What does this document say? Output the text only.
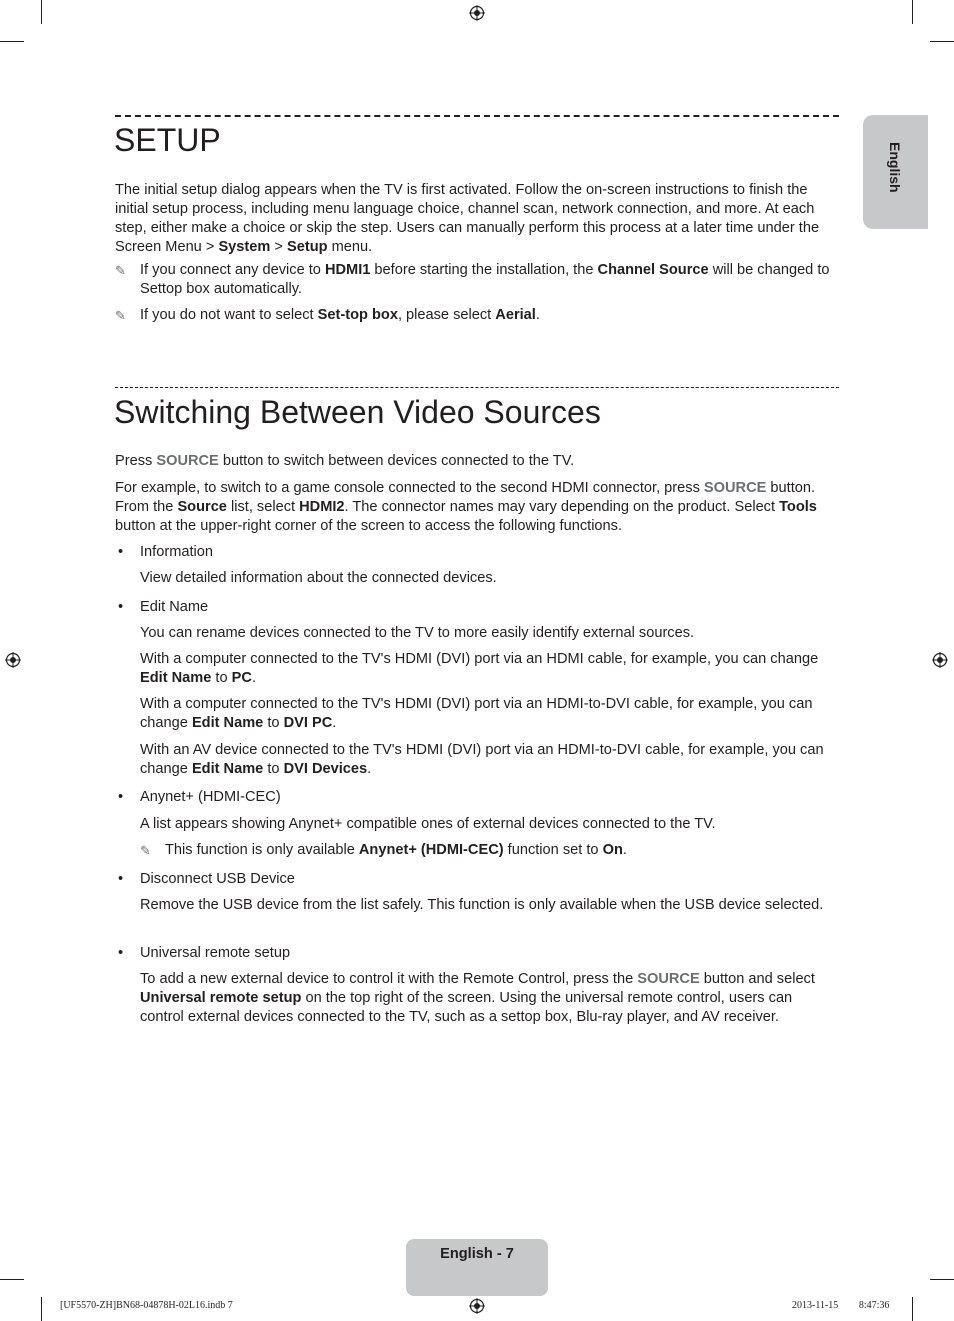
English
SETUP

The initial setup dialog appears when the TV is first activated. Follow the on-screen instructions to finish the initial setup process, including menu language choice, channel scan, network connection, and more. At each step, either make a choice or skip the step. Users can manually perform this process at a later time under the Screen Menu > System > Setup menu.

✎ If you connect any device to HDMI1 before starting the installation, the Channel Source will be changed to Settop box automatically.

✎ If you do not want to select Set-top box, please select Aerial.

Switching Between Video Sources

Press SOURCE button to switch between devices connected to the TV.

For example, to switch to a game console connected to the second HDMI connector, press SOURCE button. From the Source list, select HDMI2. The connector names may vary depending on the product. Select Tools button at the upper-right corner of the screen to access the following functions.

• Information

View detailed information about the connected devices.

• Edit Name

You can rename devices connected to the TV to more easily identify external sources.

With a computer connected to the TV's HDMI (DVI) port via an HDMI cable, for example, you can change Edit Name to PC.

With a computer connected to the TV's HDMI (DVI) port via an HDMI-to-DVI cable, for example, you can change Edit Name to DVI PC.

With an AV device connected to the TV's HDMI (DVI) port via an HDMI-to-DVI cable, for example, you can change Edit Name to DVI Devices.

• Anynet+ (HDMI-CEC)

A list appears showing Anynet+ compatible ones of external devices connected to the TV.

✎ This function is only available Anynet+ (HDMI-CEC) function set to On.

• Disconnect USB Device

Remove the USB device from the list safely. This function is only available when the USB device selected.

• Universal remote setup

To add a new external device to control it with the Remote Control, press the SOURCE button and select Universal remote setup on the top right of the screen. Using the universal remote control, users can control external devices connected to the TV, such as a settop box, Blu-ray player, and AV receiver.

English - 7
[UF5570-ZH]BN68-04878H-02L16.indb 7	2013-11-15 ￿￿ 8:47:36
